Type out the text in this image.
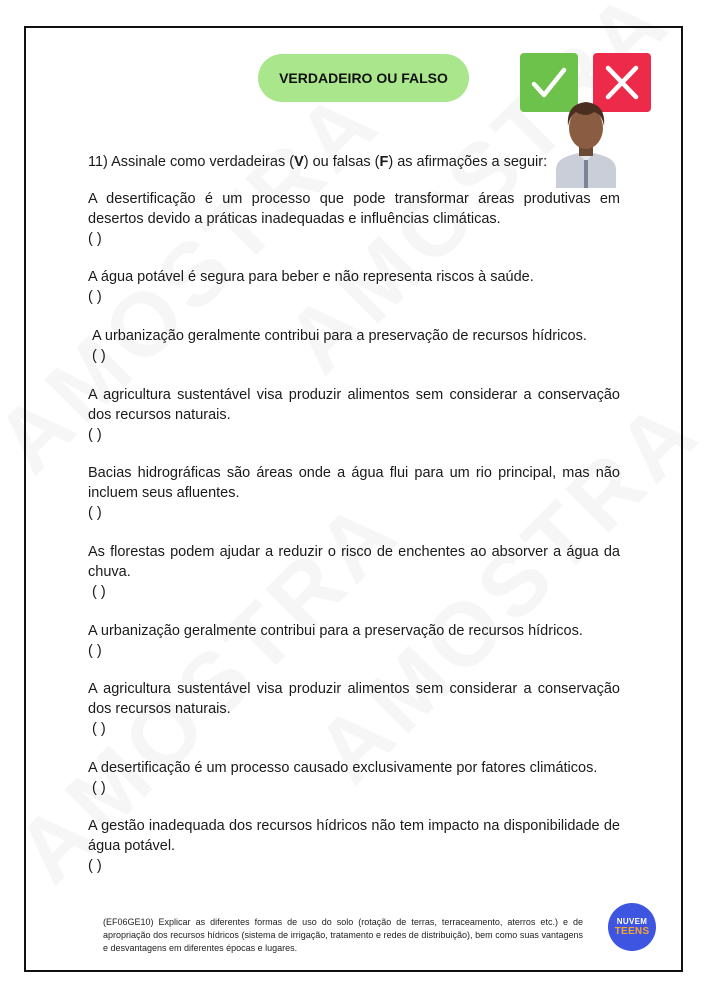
VERDADEIRO OU FALSO
11) Assinale como verdadeiras (V) ou falsas (F) as afirmações a seguir:
A desertificação é um processo que pode transformar áreas produtivas em desertos devido a práticas inadequadas e influências climáticas.
( )
A água potável é segura para beber e não representa riscos à saúde.
( )
A urbanização geralmente contribui para a preservação de recursos hídricos.
( )
A agricultura sustentável visa produzir alimentos sem considerar a conservação dos recursos naturais.
( )
Bacias hidrográficas são áreas onde a água flui para um rio principal, mas não incluem seus afluentes.
( )
As florestas podem ajudar a reduzir o risco de enchentes ao absorver a água da chuva.
( )
A urbanização geralmente contribui para a preservação de recursos hídricos.
( )
A agricultura sustentável visa produzir alimentos sem considerar a conservação dos recursos naturais.
( )
A desertificação é um processo causado exclusivamente por fatores climáticos.
( )
A gestão inadequada dos recursos hídricos não tem impacto na disponibilidade de água potável.
( )
(EF06GE10) Explicar as diferentes formas de uso do solo (rotação de terras, terraceamento, aterros etc.) e de apropriação dos recursos hídricos (sistema de irrigação, tratamento e redes de distribuição), bem como suas vantagens e desvantagens em diferentes épocas e lugares.
NUVEM
TEENS
